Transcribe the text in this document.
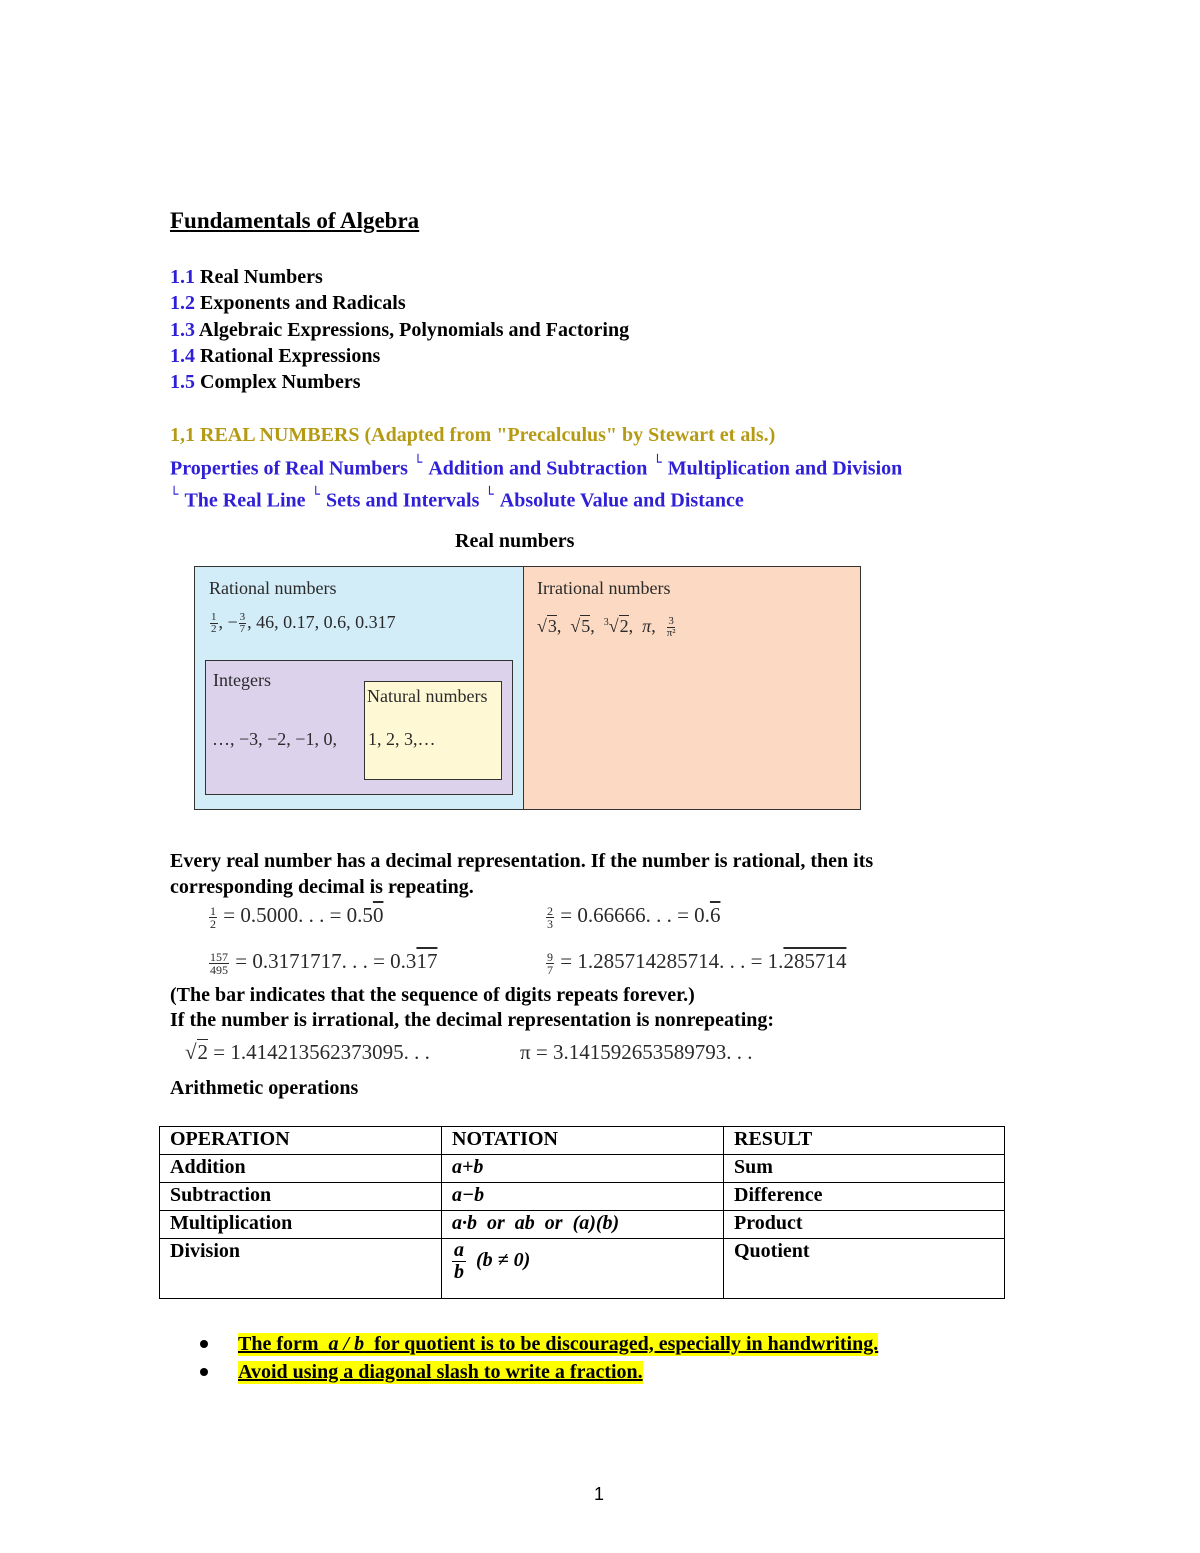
Fundamentals of Algebra
1.1 Real Numbers
1.2 Exponents and Radicals
1.3 Algebraic Expressions, Polynomials and Factoring
1.4 Rational Expressions
1.5 Complex Numbers
1,1 REAL NUMBERS (Adapted from "Precalculus" by Stewart et als.)
Properties of Real Numbers └ Addition and Subtraction └ Multiplication and Division
└ The Real Line └ Sets and Intervals └ Absolute Value and Distance
Real numbers
Rational numbers
$\frac{1}{2}$ , − $\frac{3}{7}$ , 46, 0.17, 0.6, 0.317
Irrational numbers
√3,  √5,  $^3$√2,  π, $\frac{3}{\text{π²}}$
Integers
…, −3, −2, −1, 0,
Natural numbers
1, 2, 3,…
Every real number has a decimal representation. If the number is rational, then its corresponding decimal is repeating.
$\frac{1}{2} = 0.5000$. . . = 0.50	$\frac{2}{3} = 0.66666$. . . = 0.6
$\frac{157}{495} = 0.3171717$. . . = 0.317	$\frac{9}{7} = 1.285714285714$. . . = 1.285714
(The bar indicates that the sequence of digits repeats forever.)
If the number is irrational, the decimal representation is nonrepeating:
√2 = 1.414213562373095. . .	π = 3.141592653589793. . .
Arithmetic operations
OPERATION	NOTATION	RESULT
Addition	a+b	Sum
Subtraction	a−b	Difference
Multiplication	a·b  or  ab  or  (a)(b)	Product
Division	$\frac{a}{b} (b \ne 0)$	Quotient
The form  a / b  for quotient is to be discouraged, especially in handwriting.
Avoid using a diagonal slash to write a fraction.
1
